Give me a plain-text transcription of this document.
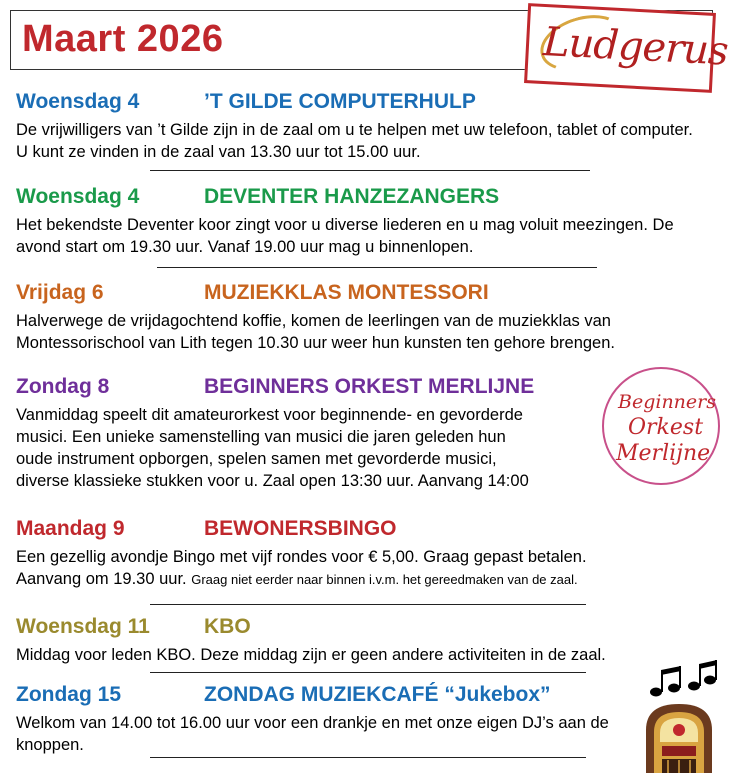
Maart 2026	Ludgerus
Woensdag 4	’T GILDE COMPUTERHULP
De vrijwilligers van ’t Gilde zijn in de zaal om u te helpen met uw telefoon, tablet of computer. U kunt ze vinden in de zaal van 13.30 uur tot 15.00 uur.
Woensdag 4	DEVENTER HANZEZANGERS
Het bekendste Deventer koor zingt voor u diverse liederen en u mag voluit meezingen. De avond start om 19.30 uur. Vanaf 19.00 uur mag u binnenlopen.
Vrijdag 6	MUZIEKKLAS MONTESSORI
Halverwege de vrijdagochtend koffie, komen de leerlingen van de muziekklas van Montessorischool van Lith tegen 10.30 uur weer hun kunsten ten gehore brengen.
Zondag 8	BEGINNERS ORKEST MERLIJNE
Vanmiddag speelt dit amateurorkest voor beginnende- en gevorderde
musici. Een unieke samenstelling van musici die jaren geleden hun
oude instrument opborgen, spelen samen met gevorderde musici,
diverse klassieke stukken voor u. Zaal open 13:30 uur. Aanvang 14:00
Beginners
Orkest
Merlijne
Maandag 9	BEWONERSBINGO
Een gezellig avondje Bingo met vijf rondes voor € 5,00. Graag gepast betalen.
Aanvang om 19.30 uur. Graag niet eerder naar binnen i.v.m. het gereedmaken van de zaal.
Woensdag 11	KBO
Middag voor leden KBO. Deze middag zijn er geen andere activiteiten in de zaal.
Zondag 15	ZONDAG MUZIEKCAFÉ “Jukebox”
Welkom van 14.00 tot 16.00 uur voor een drankje en met onze eigen DJ’s aan de knoppen.
